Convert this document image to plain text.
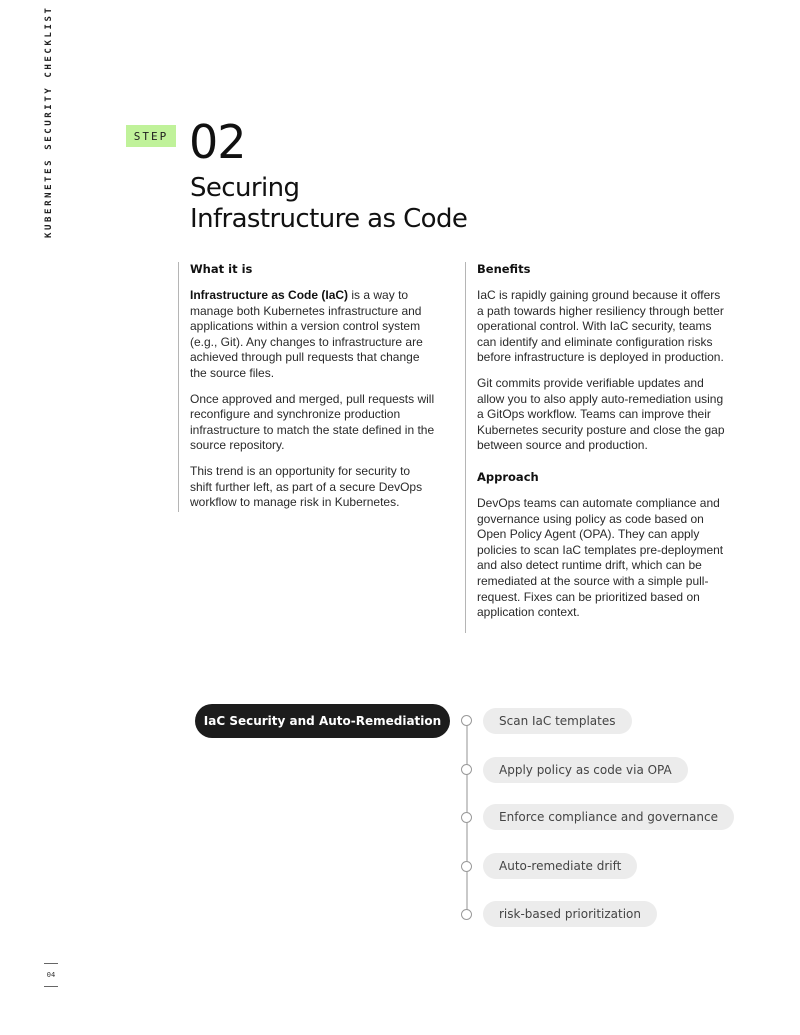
KUBERNETES SECURITY CHECKLIST	STEP 02
Securing
Infrastructure as Code
What it is

Infrastructure as Code (IaC) is a way to manage both Kubernetes infrastructure and applications within a version control system (e.g., Git). Any changes to infrastructure are achieved through pull requests that change the source files.

Once approved and merged, pull requests will reconfigure and synchronize production infrastructure to match the state defined in the source repository.

This trend is an opportunity for security to shift further left, as part of a secure DevOps workflow to manage risk in Kubernetes.

Benefits

IaC is rapidly gaining ground because it offers a path towards higher resiliency through better operational control. With IaC security, teams can identify and eliminate configuration risks before infrastructure is deployed in production.

Git commits provide verifiable updates and allow you to also apply auto-remediation using a GitOps workflow. Teams can improve their Kubernetes security posture and close the gap between source and production.

Approach

DevOps teams can automate compliance and governance using policy as code based on Open Policy Agent (OPA). They can apply policies to scan IaC templates pre-deployment and also detect runtime drift, which can be remediated at the source with a simple pull-request. Fixes can be prioritized based on application context.

IaC Security and Auto-Remediation	Scan IaC templates
Apply policy as code via OPA
Enforce compliance and governance
Auto-remediate drift
risk-based prioritization
04
